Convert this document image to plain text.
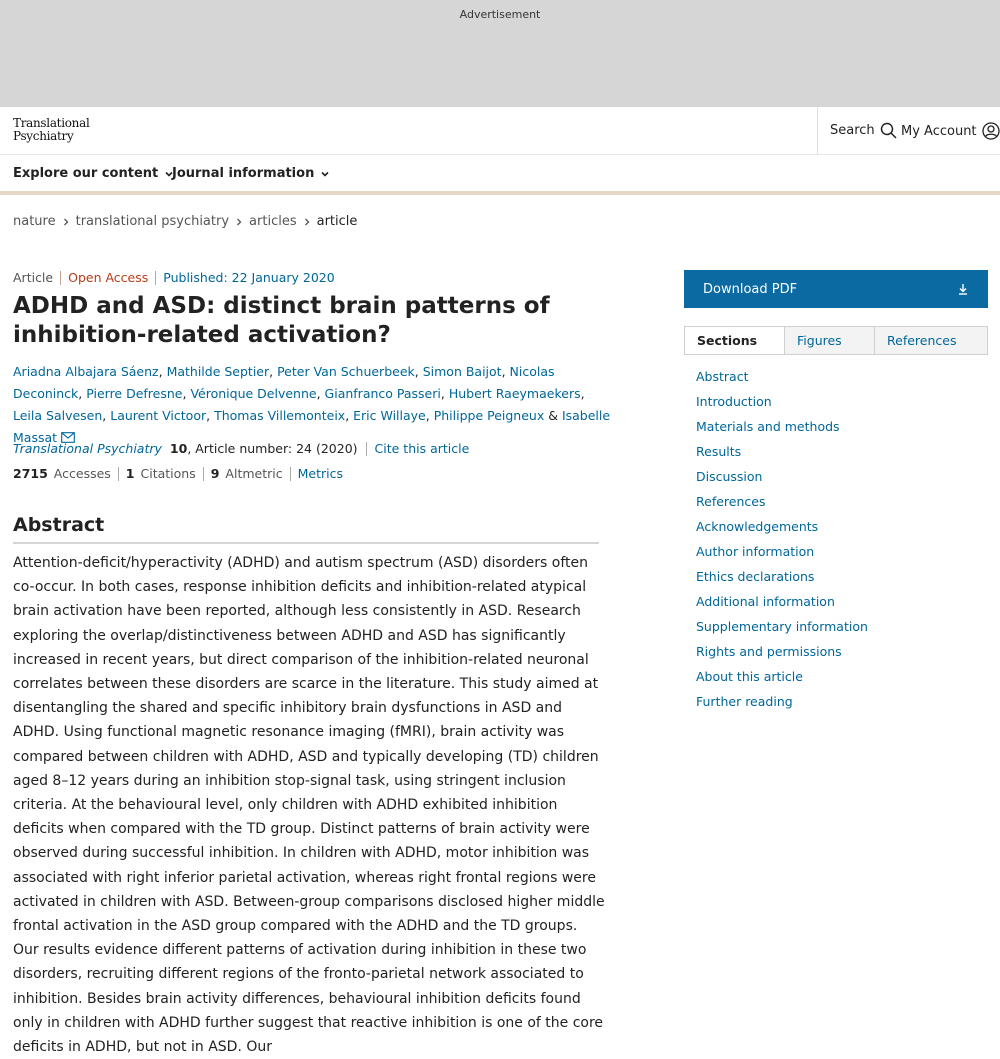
Advertisement
Translational
Psychiatry	Search My Account
Explore our content Journal information
nature translational psychiatry articles article
Article Open Access Published: 22 January 2020
ADHD and ASD: distinct brain patterns of inhibition-related activation?
Ariadna Albajara Sáenz, Mathilde Septier, Peter Van Schuerbeek, Simon Baijot, Nicolas Deconinck, Pierre Defresne, Véronique Delvenne, Gianfranco Passeri, Hubert Raeymaekers, Leila Salvesen, Laurent Victoor, Thomas Villemonteix, Eric Willaye, Philippe Peigneux & Isabelle Massat
Translational Psychiatry 10 , Article number: 24 (2020) Cite this article
2715 Accesses 1 Citations 9 Altmetric Metrics
Abstract

Attention-deficit/hyperactivity (ADHD) and autism spectrum (ASD) disorders often co-occur. In both cases, response inhibition deficits and inhibition-related atypical brain activation have been reported, although less consistently in ASD. Research exploring the overlap/distinctiveness between ADHD and ASD has significantly increased in recent years, but direct comparison of the inhibition-related neuronal correlates between these disorders are scarce in the literature. This study aimed at disentangling the shared and specific inhibitory brain dysfunctions in ASD and ADHD. Using functional magnetic resonance imaging (fMRI), brain activity was compared between children with ADHD, ASD and typically developing (TD) children aged 8–12 years during an inhibition stop-signal task, using stringent inclusion criteria. At the behavioural level, only children with ADHD exhibited inhibition deficits when compared with the TD group. Distinct patterns of brain activity were observed during successful inhibition. In children with ADHD, motor inhibition was associated with right inferior parietal activation, whereas right frontal regions were activated in children with ASD. Between-group comparisons disclosed higher middle frontal activation in the ASD group compared with the ADHD and the TD groups. Our results evidence different patterns of activation during inhibition in these two disorders, recruiting different regions of the fronto-parietal network associated to inhibition. Besides brain activity differences, behavioural inhibition deficits found only in children with ADHD further suggest that reactive inhibition is one of the core deficits in ADHD, but not in ASD. Our

Download PDF
Sections	Figures	References
Abstract
Introduction
Materials and methods
Results
Discussion
References
Acknowledgements
Author information
Ethics declarations
Additional information
Supplementary information
Rights and permissions
About this article
Further reading
